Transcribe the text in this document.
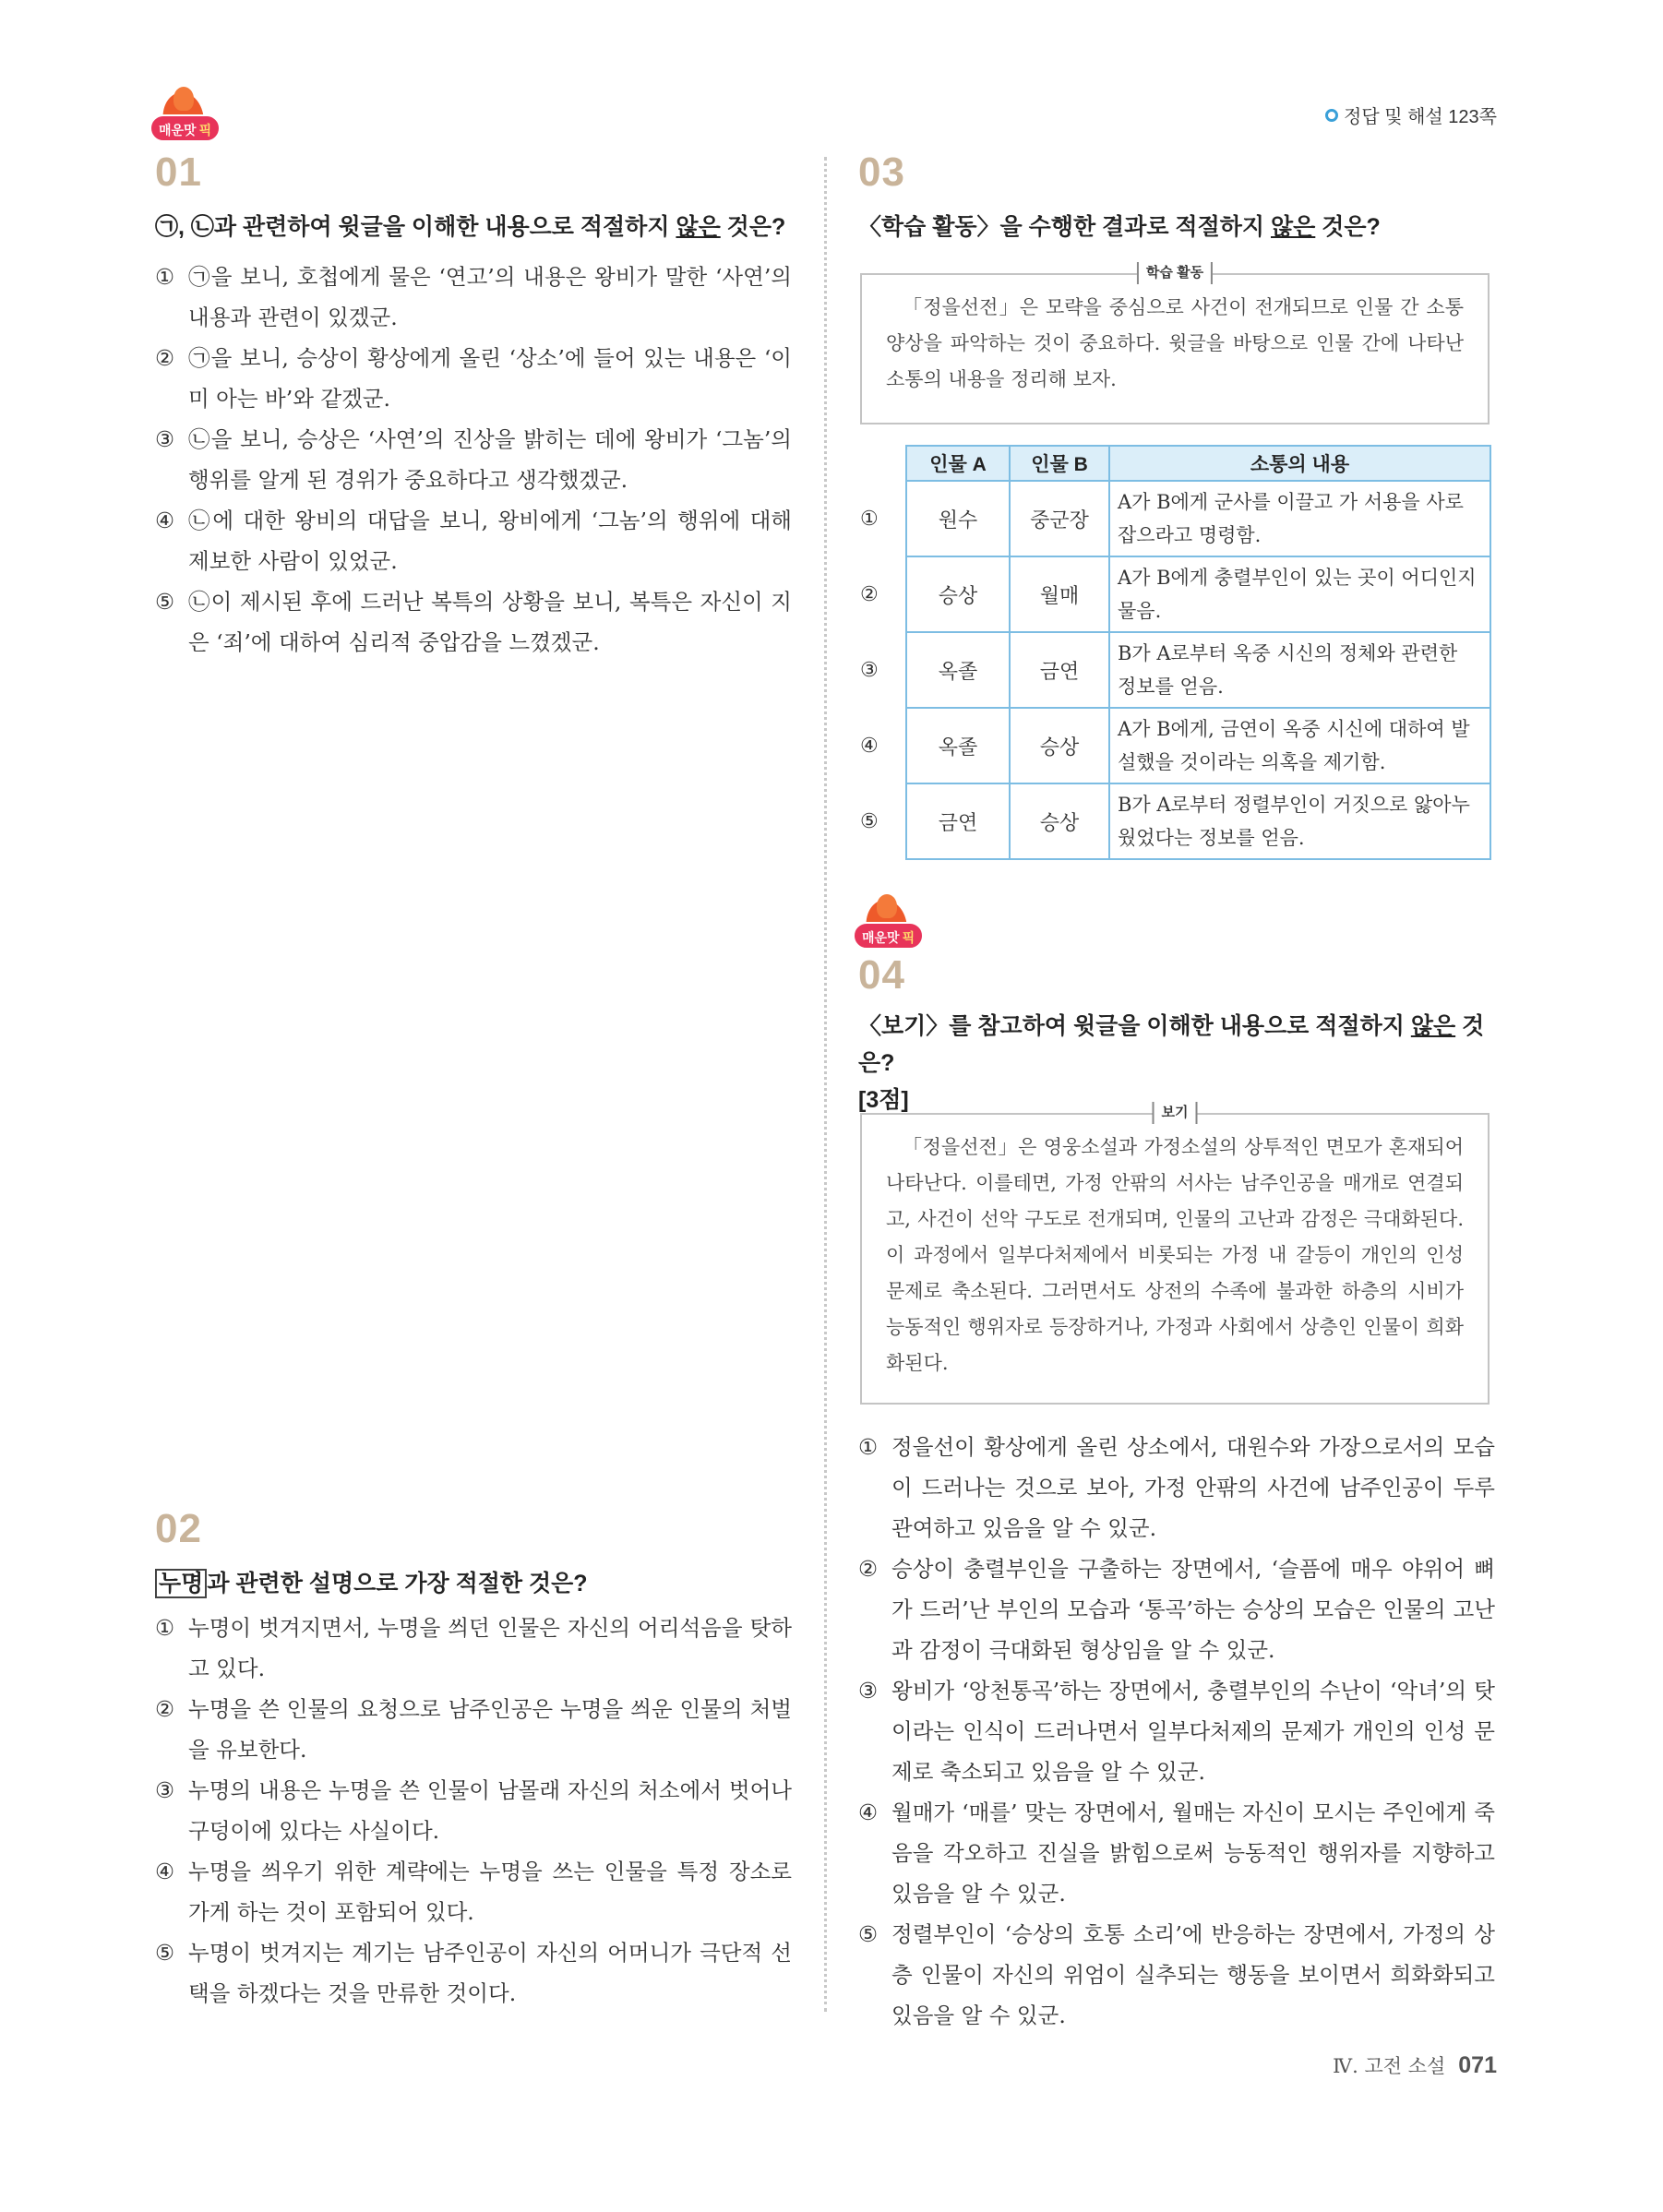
정답 및 해설 123쪽
매운맛 픽
01
㉠, ㉡과 관련하여 윗글을 이해한 내용으로 적절하지 않은 것은?
① ㉠을 보니, 호첩에게 물은 ‘연고’의 내용은 왕비가 말한 ‘사연’의 내용과 관련이 있겠군.
② ㉠을 보니, 승상이 황상에게 올린 ‘상소’에 들어 있는 내용은 ‘이미 아는 바’와 같겠군.
③ ㉡을 보니, 승상은 ‘사연’의 진상을 밝히는 데에 왕비가 ‘그놈’의 행위를 알게 된 경위가 중요하다고 생각했겠군.
④ ㉡에 대한 왕비의 대답을 보니, 왕비에게 ‘그놈’의 행위에 대해 제보한 사람이 있었군.
⑤ ㉡이 제시된 후에 드러난 복특의 상황을 보니, 복특은 자신이 지은 ‘죄’에 대하여 심리적 중압감을 느꼈겠군.
02
누명 과 관련한 설명으로 가장 적절한 것은?
① 누명이 벗겨지면서, 누명을 씌던 인물은 자신의 어리석음을 탓하고 있다.
② 누명을 쓴 인물의 요청으로 남주인공은 누명을 씌운 인물의 처벌을 유보한다.
③ 누명의 내용은 누명을 쓴 인물이 남몰래 자신의 처소에서 벗어나 구덩이에 있다는 사실이다.
④ 누명을 씌우기 위한 계략에는 누명을 쓰는 인물을 특정 장소로 가게 하는 것이 포함되어 있다.
⑤ 누명이 벗겨지는 계기는 남주인공이 자신의 어머니가 극단적 선택을 하겠다는 것을 만류한 것이다.
03
〈학습 활동〉을 수행한 결과로 적절하지 않은 것은?
학습 활동
「정을선전」은 모략을 중심으로 사건이 전개되므로 인물 간 소통 양상을 파악하는 것이 중요하다. 윗글을 바탕으로 인물 간에 나타난 소통의 내용을 정리해 보자.
	인물 A	인물 B	소통의 내용
①	원수	중군장	A가 B에게 군사를 이끌고 가 서용을 사로잡으라고 명령함.
②	승상	월매	A가 B에게 충렬부인이 있는 곳이 어디인지 물음.
③	옥졸	금연	B가 A로부터 옥중 시신의 정체와 관련한 정보를 얻음.
④	옥졸	승상	A가 B에게, 금연이 옥중 시신에 대하여 발설했을 것이라는 의혹을 제기함.
⑤	금연	승상	B가 A로부터 정렬부인이 거짓으로 앓아누웠었다는 정보를 얻음.
매운맛 픽
04
〈보기〉를 참고하여 윗글을 이해한 내용으로 적절하지 않은 것은?
[3점]	보기
「정을선전」은 영웅소설과 가정소설의 상투적인 면모가 혼재되어 나타난다. 이를테면, 가정 안팎의 서사는 남주인공을 매개로 연결되고, 사건이 선악 구도로 전개되며, 인물의 고난과 감정은 극대화된다. 이 과정에서 일부다처제에서 비롯되는 가정 내 갈등이 개인의 인성 문제로 축소된다. 그러면서도 상전의 수족에 불과한 하층의 시비가 능동적인 행위자로 등장하거나, 가정과 사회에서 상층인 인물이 희화화된다.
① 정을선이 황상에게 올린 상소에서, 대원수와 가장으로서의 모습이 드러나는 것으로 보아, 가정 안팎의 사건에 남주인공이 두루 관여하고 있음을 알 수 있군.
② 승상이 충렬부인을 구출하는 장면에서, ‘슬픔에 매우 야위어 뼈가 드러’난 부인의 모습과 ‘통곡’하는 승상의 모습은 인물의 고난과 감정이 극대화된 형상임을 알 수 있군.
③ 왕비가 ‘앙천통곡’하는 장면에서, 충렬부인의 수난이 ‘악녀’의 탓이라는 인식이 드러나면서 일부다처제의 문제가 개인의 인성 문제로 축소되고 있음을 알 수 있군.
④ 월매가 ‘매를’ 맞는 장면에서, 월매는 자신이 모시는 주인에게 죽음을 각오하고 진실을 밝힘으로써 능동적인 행위자를 지향하고 있음을 알 수 있군.
⑤ 정렬부인이 ‘승상의 호통 소리’에 반응하는 장면에서, 가정의 상층 인물이 자신의 위엄이 실추되는 행동을 보이면서 희화화되고 있음을 알 수 있군.
Ⅳ. 고전 소설 071
